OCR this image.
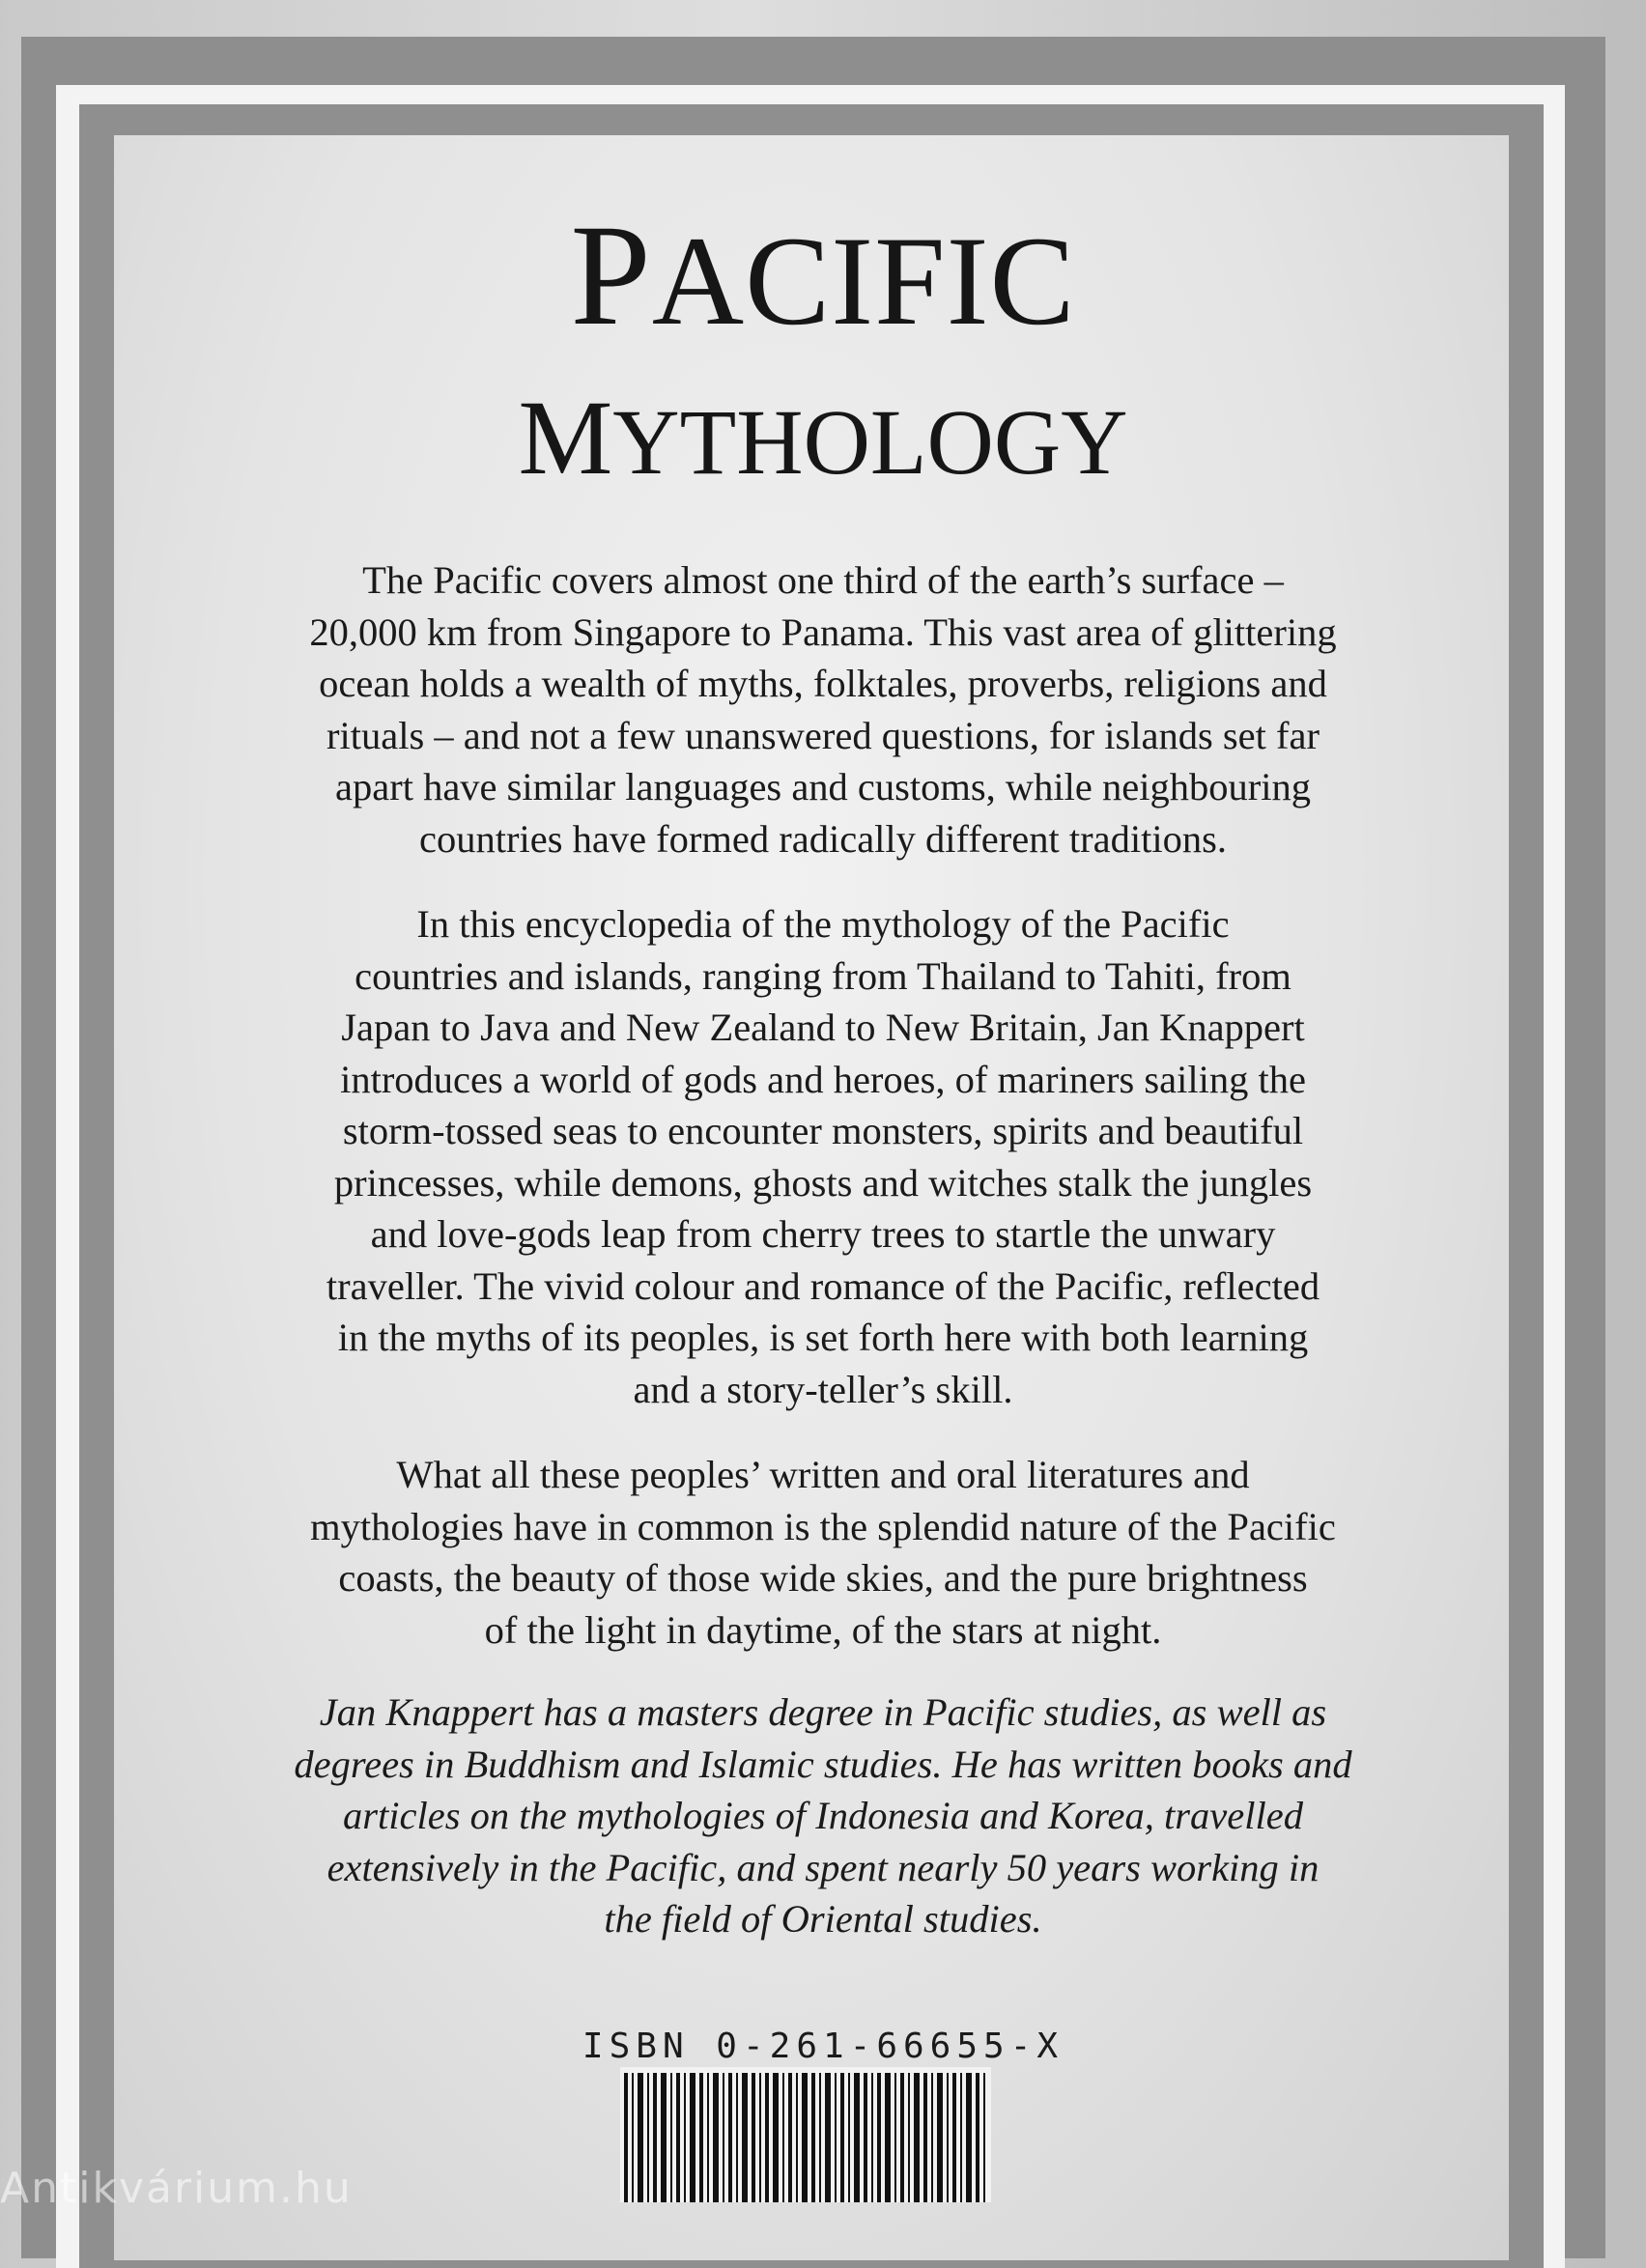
PACIFIC
MYTHOLOGY
The Pacific covers almost one third of the earth’s surface –
20,000 km from Singapore to Panama. This vast area of glittering
ocean holds a wealth of myths, folktales, proverbs, religions and
rituals – and not a few unanswered questions, for islands set far
apart have similar languages and customs, while neighbouring
countries have formed radically different traditions.
In this encyclopedia of the mythology of the Pacific
countries and islands, ranging from Thailand to Tahiti, from
Japan to Java and New Zealand to New Britain, Jan Knappert
introduces a world of gods and heroes, of mariners sailing the
storm-tossed seas to encounter monsters, spirits and beautiful
princesses, while demons, ghosts and witches stalk the jungles
and love-gods leap from cherry trees to startle the unwary
traveller. The vivid colour and romance of the Pacific, reflected
in the myths of its peoples, is set forth here with both learning
and a story-teller’s skill.
What all these peoples’ written and oral literatures and
mythologies have in common is the splendid nature of the Pacific
coasts, the beauty of those wide skies, and the pure brightness
of the light in daytime, of the stars at night.
Jan Knappert has a masters degree in Pacific studies, as well as
degrees in Buddhism and Islamic studies. He has written books and
articles on the mythologies of Indonesia and Korea, travelled
extensively in the Pacific, and spent nearly 50 years working in
the field of Oriental studies.
ISBN 0-261-66655-X
Antikvárium.hu
